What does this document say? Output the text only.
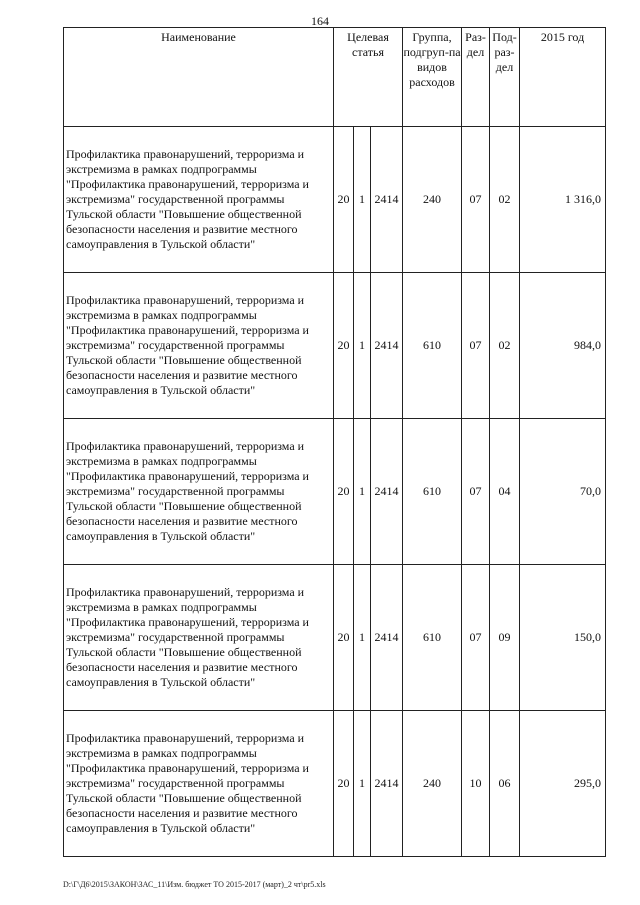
164
Наименование	Целевая статья			Группа, подгруп-па видов расходов	Раз-дел	Под-раз-дел	2015 год
Профилактика правонарушений, терроризма и экстремизма в рамках подпрограммы "Профилактика правонарушений, терроризма и экстремизма" государственной программы Тульской области "Повышение общественной безопасности населения и развитие местного самоуправления в Тульской области"	20	1	2414	240	07	02	1 316,0
Профилактика правонарушений, терроризма и экстремизма в рамках подпрограммы "Профилактика правонарушений, терроризма и экстремизма" государственной программы Тульской области "Повышение общественной безопасности населения и развитие местного самоуправления в Тульской области"	20	1	2414	610	07	02	984,0
Профилактика правонарушений, терроризма и экстремизма в рамках подпрограммы "Профилактика правонарушений, терроризма и экстремизма" государственной программы Тульской области "Повышение общественной безопасности населения и развитие местного самоуправления в Тульской области"	20	1	2414	610	07	04	70,0
Профилактика правонарушений, терроризма и экстремизма в рамках подпрограммы "Профилактика правонарушений, терроризма и экстремизма" государственной программы Тульской области "Повышение общественной безопасности населения и развитие местного самоуправления в Тульской области"	20	1	2414	610	07	09	150,0
Профилактика правонарушений, терроризма и экстремизма в рамках подпрограммы "Профилактика правонарушений, терроризма и экстремизма" государственной программы Тульской области "Повышение общественной безопасности населения и развитие местного самоуправления в Тульской области"	20	1	2414	240	10	06	295,0
D:\Г\Д6\2015\ЗАКОН\ЗАС_11\Изм. бюджет ТО 2015-2017 (март)_2 чт\pr5.xls
